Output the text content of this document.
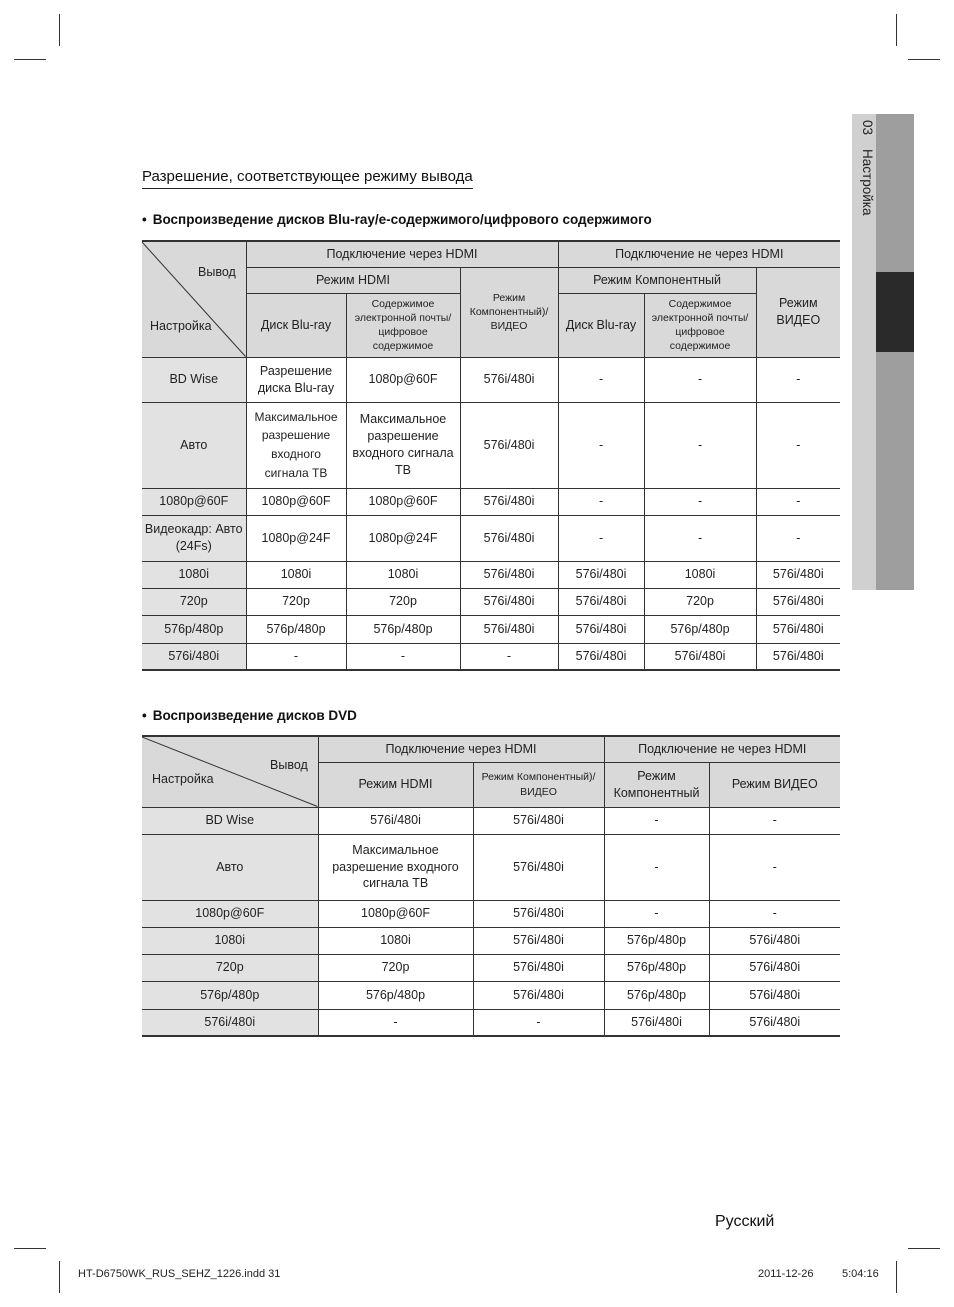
03 Настройка
Разрешение, соответствующее режиму вывода
• Воспроизведение дисков Blu-ray/e-содержимого/цифрового содержимого
Вывод
Настройка	Подключение через HDMI			Подключение не через HDMI		
	Режим HDMI		Режим Компонентный)/ ВИДЕО	Режим Компонентный		Режим ВИДЕО
	Диск Blu-ray	Содержимое электронной почты/ цифровое содержимое		Диск Blu-ray	Содержимое электронной почты/ цифровое содержимое	
BD Wise	Разрешение диска Blu-ray	1080p@60F	576i/480i	-	-	-
Авто	Максимальное разрешение входного сигнала ТВ	Максимальное разрешение входного сигнала ТВ	576i/480i	-	-	-
1080p@60F	1080p@60F	1080p@60F	576i/480i	-	-	-
Видеокадр: Авто (24Fs)	1080p@24F	1080p@24F	576i/480i	-	-	-
1080i	1080i	1080i	576i/480i	576i/480i	1080i	576i/480i
720p	720p	720p	576i/480i	576i/480i	720p	576i/480i
576p/480p	576p/480p	576p/480p	576i/480i	576i/480i	576p/480p	576i/480i
576i/480i	-	-	-	576i/480i	576i/480i	576i/480i
• Воспроизведение дисков DVD
Вывод
Настройка	Подключение через HDMI		Подключение не через HDMI	
	Режим HDMI	Режим Компонентный)/ ВИДЕО	Режим Компонентный	Режим ВИДЕО
BD Wise	576i/480i	576i/480i	-	-
Авто	Максимальное разрешение входного сигнала ТВ	576i/480i	-	-
1080p@60F	1080p@60F	576i/480i	-	-
1080i	1080i	576i/480i	576p/480p	576i/480i
720p	720p	576i/480i	576p/480p	576i/480i
576p/480p	576p/480p	576i/480i	576p/480p	576i/480i
576i/480i	-	-	576i/480i	576i/480i
Русский
HT-D6750WK_RUS_SEHZ_1226.indd 31	2011-12-26	5:04:16
